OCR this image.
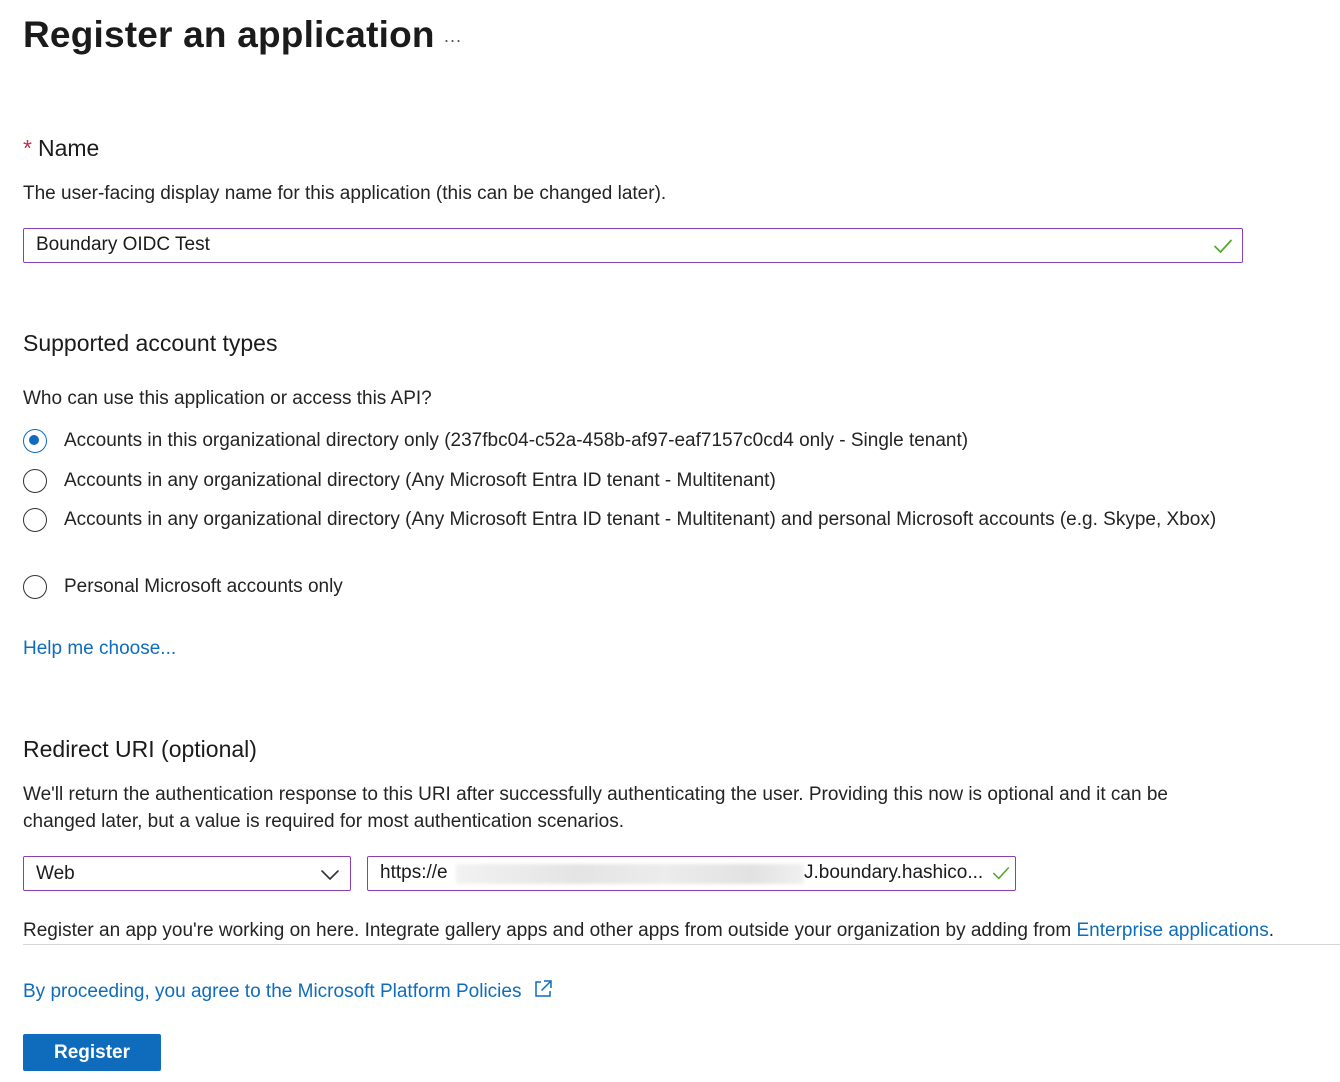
Register an application ...
* Name
The user-facing display name for this application (this can be changed later).
Boundary OIDC Test
Supported account types
Who can use this application or access this API?
Accounts in this organizational directory only (237fbc04-c52a-458b-af97-eaf7157c0cd4 only - Single tenant)
Accounts in any organizational directory (Any Microsoft Entra ID tenant - Multitenant)
Accounts in any organizational directory (Any Microsoft Entra ID tenant - Multitenant) and personal Microsoft accounts (e.g. Skype, Xbox)
Personal Microsoft accounts only
Help me choose...
Redirect URI (optional)
We'll return the authentication response to this URI after successfully authenticating the user. Providing this now is optional and it can be changed later, but a value is required for most authentication scenarios.
Web	https://e	J.boundary.hashico...
Register an app you're working on here. Integrate gallery apps and other apps from outside your organization by adding from Enterprise applications.
By proceeding, you agree to the Microsoft Platform Policies
Register
